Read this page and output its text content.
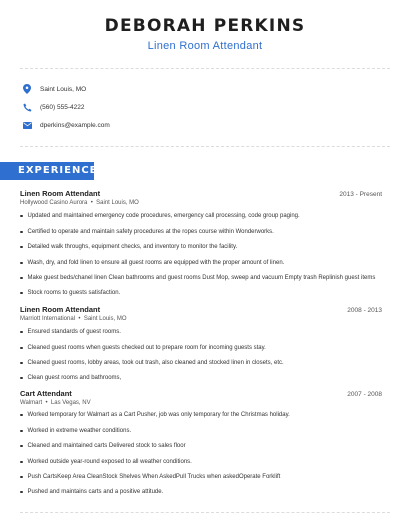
DEBORAH PERKINS
Linen Room Attendant
Saint Louis, MO
(560) 555-4222
dperkins@example.com
EXPERIENCE
Linen Room Attendant	2013 - Present
Hollywood Casino Aurora  •  Saint Louis, MO
Updated and maintained emergency code procedures, emergency call processing, code group paging.
Certified to operate and maintain safety procedures at the ropes course within Wonderworks.
Detailed walk throughs, equipment checks, and inventory to monitor the facility.
Wash, dry, and fold linen to ensure all guest rooms are equipped with the proper amount of linen.
Make guest beds/chanel linen Clean bathrooms and guest rooms Dust Mop, sweep and vacuum Empty trash Replinish guest items
Stock rooms to guests satisfaction.
Linen Room Attendant	2008 - 2013
Marriott International  •  Saint Louis, MO
Ensured standards of guest rooms.
Cleaned guest rooms when guests checked out to prepare room for incoming guests stay.
Cleaned guest rooms, lobby areas, took out trash, also cleaned and stocked linen in closets, etc.
Clean guest rooms and bathrooms,
Cart Attendant	2007 - 2008
Walmart  •  Las Vegas, NV
Worked temporary for Walmart as a Cart Pusher, job was only temporary for the Christmas holiday.
Worked in extreme weather conditions.
Cleaned and maintained carts Delivered stock to sales floor
Worked outside year-round exposed to all weather conditions.
Push CartsKeep Area CleanStock Shelves When AskedPull Trucks when askedOperate Forklift
Pushed and maintains carts and a positive attitude.
